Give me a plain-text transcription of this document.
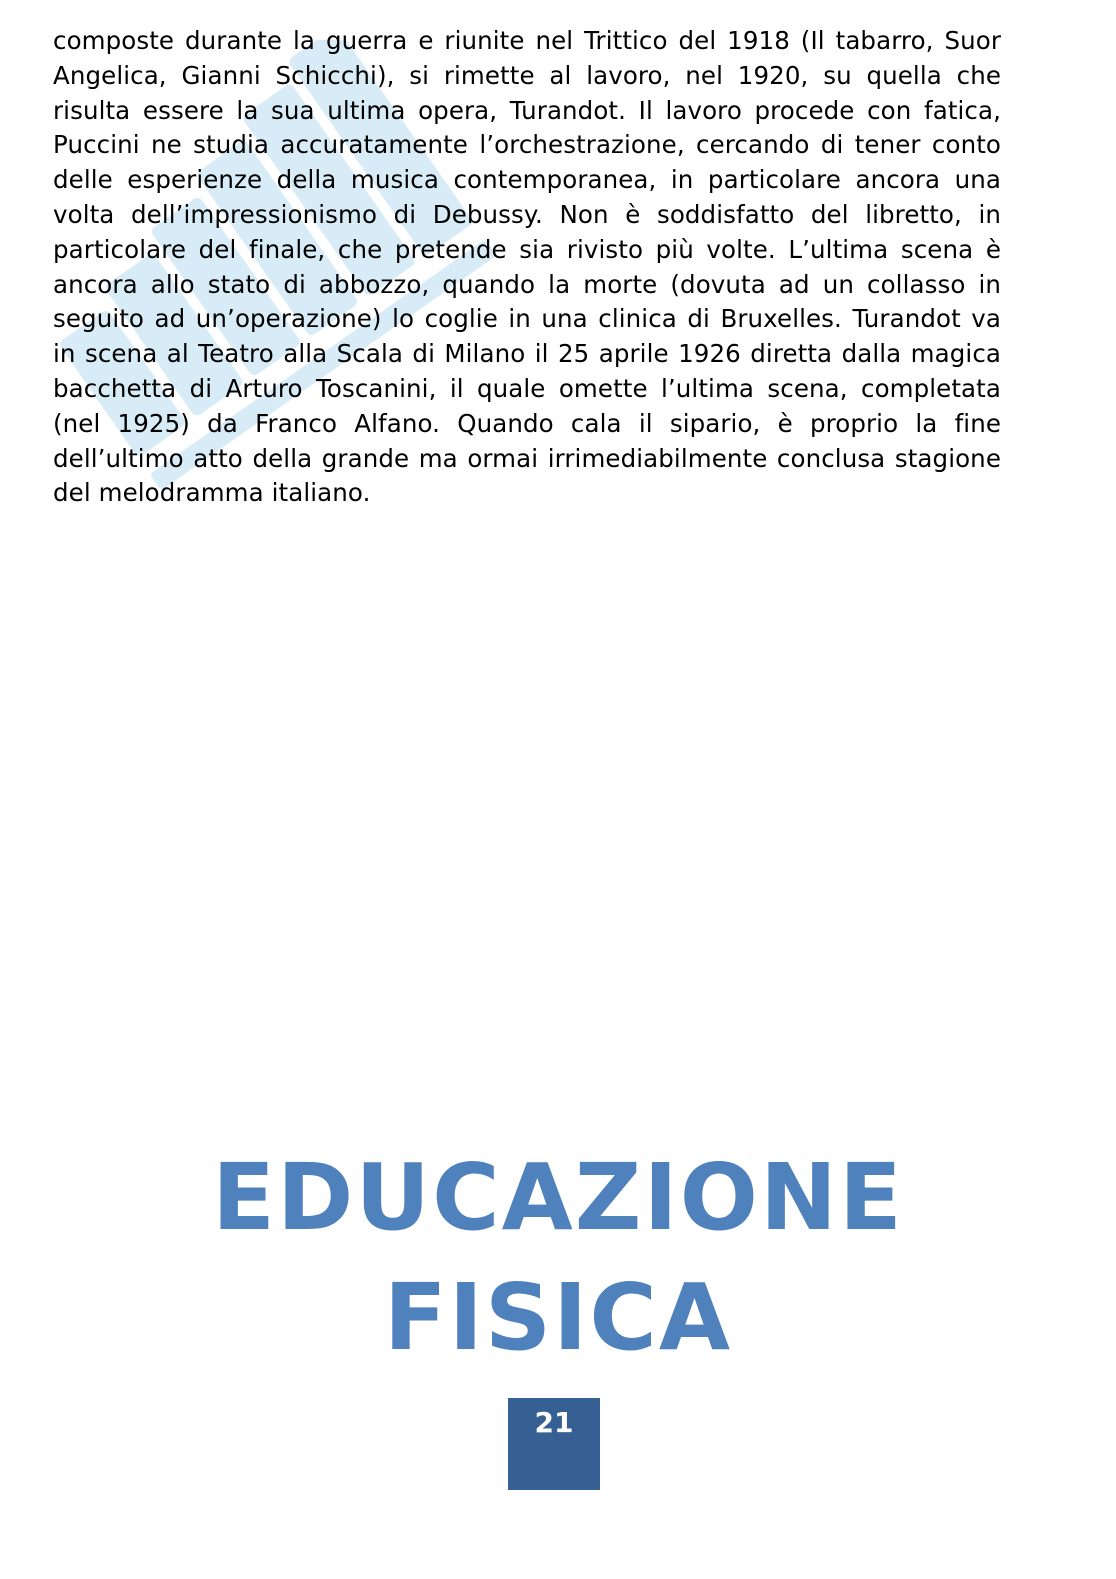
composte durante la guerra e riunite nel Trittico del 1918 (Il tabarro, Suor Angelica, Gianni Schicchi), si rimette al lavoro, nel 1920, su quella che risulta essere la sua ultima opera, Turandot. Il lavoro procede con fatica, Puccini ne studia accuratamente l’orchestrazione, cercando di tener conto delle esperienze della musica contemporanea, in particolare ancora una volta dell’impressionismo di Debussy. Non è soddisfatto del libretto, in particolare del finale, che pretende sia rivisto più volte. L’ultima scena è ancora allo stato di abbozzo, quando la morte (dovuta ad un collasso in seguito ad un’operazione) lo coglie in una clinica di Bruxelles. Turandot va in scena al Teatro alla Scala di Milano il 25 aprile 1926 diretta dalla magica bacchetta di Arturo Toscanini, il quale omette l’ultima scena, completata (nel 1925) da Franco Alfano. Quando cala il sipario, è proprio la fine dell’ultimo atto della grande ma ormai irrimediabilmente conclusa stagione del melodramma italiano.

EDUCAZIONE
FISICA
21
